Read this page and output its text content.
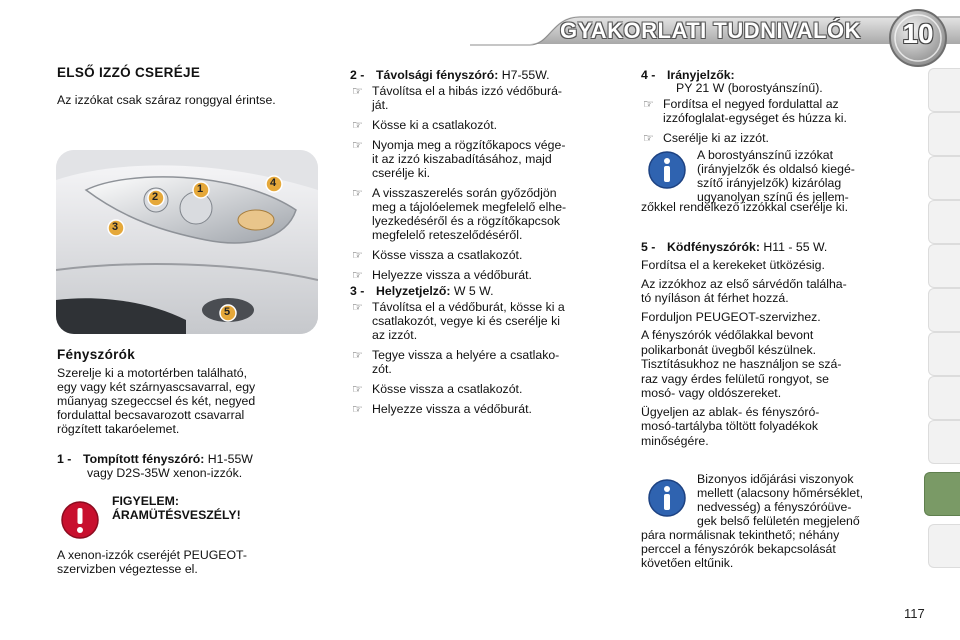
GYAKORLATI TUDNIVALÓK	10
ELSŐ IZZÓ CSERÉJE
Az izzókat csak száraz ronggyal érintse.
1
2
3
4
5
Fényszórók
Szerelje ki a motortérben található,
egy vagy két szárnyascsavarral, egy
műanyag szegeccsel és két, negyed
fordulattal becsavarozott csavarral
rögzített takaróelemet.
1 - Tompított fényszóró: H1-55W
vagy D2S-35W xenon-izzók.
FIGYELEM:
ÁRAMÜTÉSVESZÉLY!
A xenon-izzók cseréjét PEUGEOT-
szervizben végeztesse el.
2 - Távolsági fényszóró: H7-55W.
☞ Távolítsa el a hibás izzó védőburá-
ját.
☞ Kösse ki a csatlakozót.
☞ Nyomja meg a rögzítőkapocs vége-
it az izzó kiszabadításához, majd
cserélje ki.
☞ A visszaszerelés során győződjön
meg a tájolóelemek megfelelő elhe-
lyezkedéséről és a rögzítőkapcsok
megfelelő reteszelődéséről.
☞ Kösse vissza a csatlakozót.
☞ Helyezze vissza a védőburát.
3 - Helyzetjelző: W 5 W.
☞ Távolítsa el a védőburát, kösse ki a
csatlakozót, vegye ki és cserélje ki
az izzót.
☞ Tegye vissza a helyére a csatlako-
zót.
☞ Kösse vissza a csatlakozót.
☞ Helyezze vissza a védőburát.
4 - Irányjelzők:
PY 21 W (borostyánszínű).
☞ Fordítsa el negyed fordulattal az
izzófoglalat-egységet és húzza ki.
☞ Cserélje ki az izzót.
A borostyánszínű izzókat
(irányjelzők és oldalsó kiegé-
szítő irányjelzők) kizárólag
ugyanolyan színű és jellem-
zőkkel rendelkező izzókkal cserélje ki.
5 - Ködfényszórók: H11 - 55 W.
Fordítsa el a kerekeket ütközésig.
Az izzókhoz az első sárvédőn találha-
tó nyíláson át férhet hozzá.
Forduljon PEUGEOT-szervizhez.
A fényszórók védőlakkal bevont
polikarbonát üvegből készülnek.
Tisztításukhoz ne használjon se szá-
raz vagy érdes felületű rongyot, se
mosó- vagy oldószereket.
Ügyeljen az ablak- és fényszóró-
mosó-tartályba töltött folyadékok
minőségére.
Bizonyos időjárási viszonyok
mellett (alacsony hőmérséklet,
nedvesség) a fényszóróüve-
gek belső felületén megjelenő
pára normálisnak tekinthető; néhány
perccel a fényszórók bekapcsolását
követően eltűnik.
117
